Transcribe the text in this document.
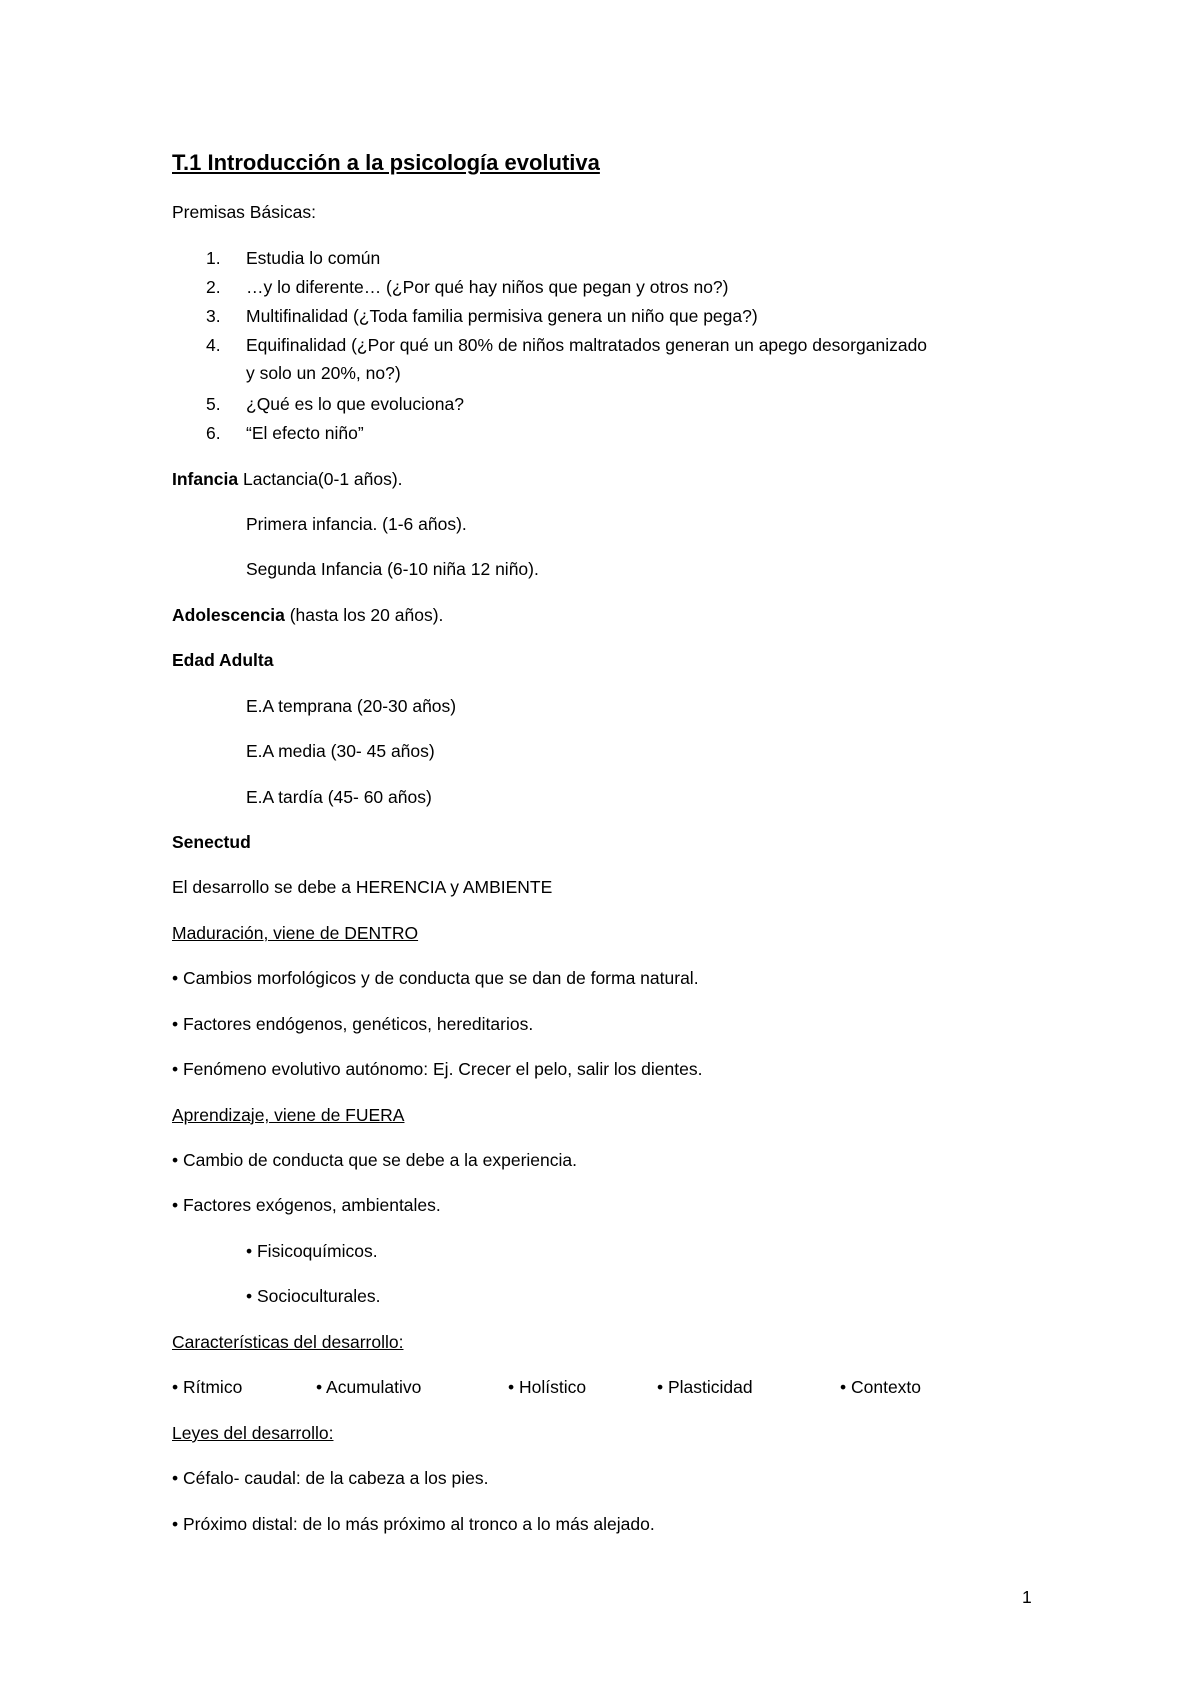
T.1 Introducción a la psicología evolutiva
Premisas Básicas:
1. Estudia lo común
2. …y lo diferente… (¿Por qué hay niños que pegan y otros no?)
3. Multifinalidad (¿Toda familia permisiva genera un niño que pega?)
4. Equifinalidad (¿Por qué un 80% de niños maltratados generan un apego desorganizado
y solo un 20%, no?)
5. ¿Qué es lo que evoluciona?
6. “El efecto niño”
Infancia Lactancia(0-1 años).
Primera infancia. (1-6 años).
Segunda Infancia (6-10 niña 12 niño).
Adolescencia (hasta los 20 años).
Edad Adulta
E.A temprana (20-30 años)
E.A media (30- 45 años)
E.A tardía (45- 60 años)
Senectud
El desarrollo se debe a HERENCIA y AMBIENTE
Maduración, viene de DENTRO
• Cambios morfológicos y de conducta que se dan de forma natural.
• Factores endógenos, genéticos, hereditarios.
• Fenómeno evolutivo autónomo: Ej. Crecer el pelo, salir los dientes.
Aprendizaje, viene de FUERA
• Cambio de conducta que se debe a la experiencia.
• Factores exógenos, ambientales.
• Fisicoquímicos.
• Socioculturales.
Características del desarrollo:
• Rítmico	• Acumulativo	• Holístico	• Plasticidad	• Contexto
Leyes del desarrollo:
• Céfalo- caudal: de la cabeza a los pies.
• Próximo distal: de lo más próximo al tronco a lo más alejado.
1
